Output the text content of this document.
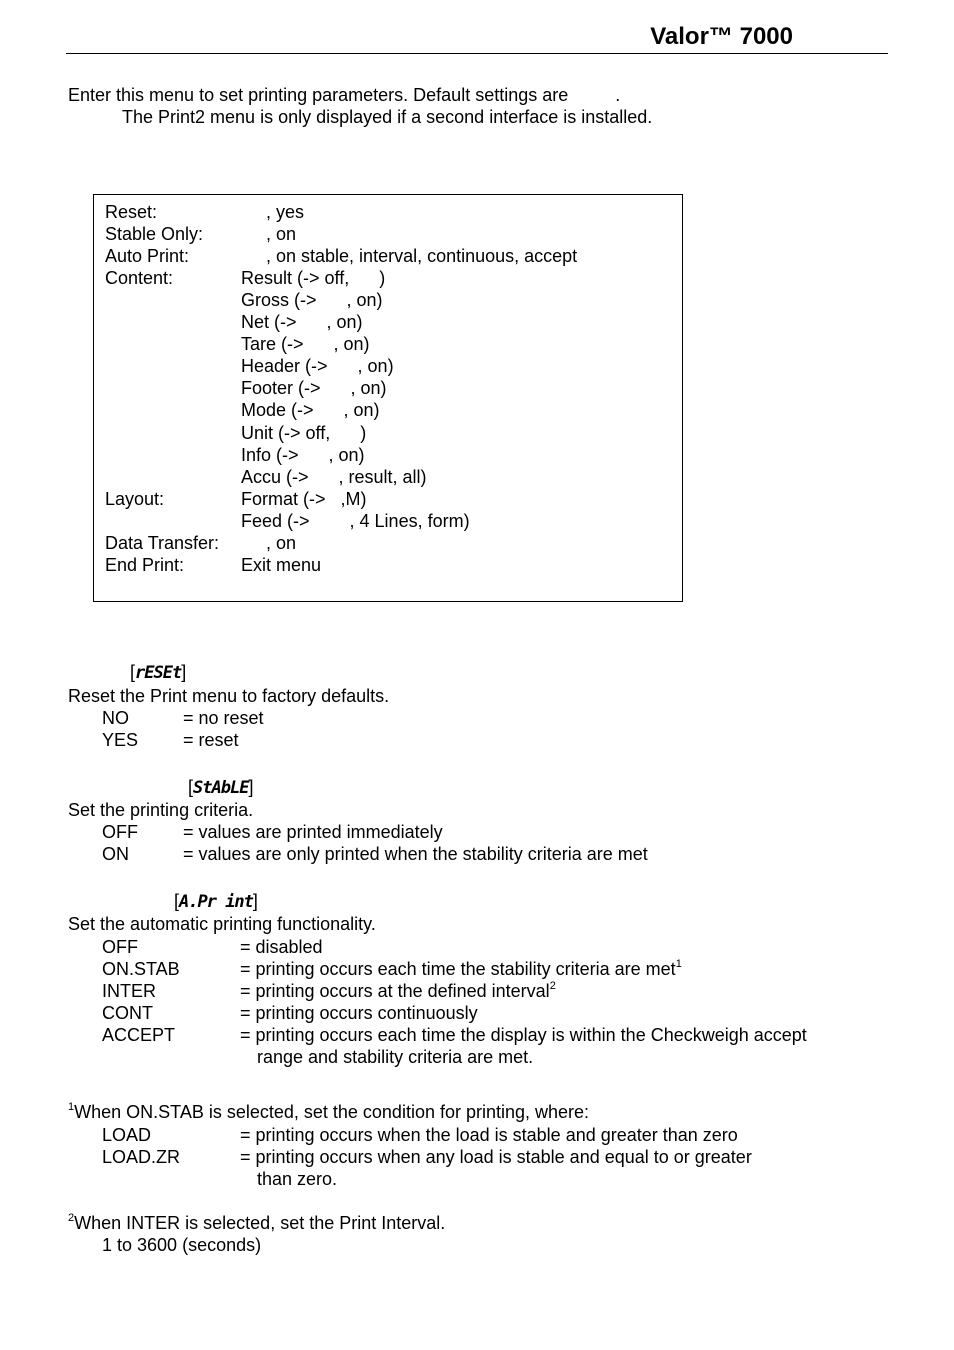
Valor™ 7000
Enter this menu to set printing parameters. Default settings are	.
The Print2 menu is only displayed if a second interface is installed.
Reset:	, yes
Stable Only:	, on
Auto Print:	, on stable, interval, continuous, accept
Content:	Result (-> off,      )
Gross (->      , on)
Net (->      , on)
Tare (->      , on)
Header (->      , on)
Footer (->      , on)
Mode (->      , on)
Unit (-> off,      )
Info (->      , on)
Accu (->      , result, all)
Layout:	Format (->   ,M)
Feed (->        , 4 Lines, form)
Data Transfer:	, on
End Print:	Exit menu
[rESEt]
Reset the Print menu to factory defaults.
NO	= no reset
YES = reset
[StAbLE]
Set the printing criteria.
OFF	= values are printed immediately
ON	= values are only printed when the stability criteria are met
[A.Pr int]
Set the automatic printing functionality.
OFF	= disabled
ON.STAB	= printing occurs each time the stability criteria are met$^1$
INTER	= printing occurs at the defined interval$^2$
CONT	= printing occurs continuously
ACCEPT	= printing occurs each time the display is within the Checkweigh accept
range and stability criteria are met.
$^1$When ON.STAB is selected, set the condition for printing, where:
LOAD	= printing occurs when the load is stable and greater than zero
LOAD.ZR	= printing occurs when any load is stable and equal to or greater
than zero.
$^2$When INTER is selected, set the Print Interval.
1 to 3600 (seconds)
